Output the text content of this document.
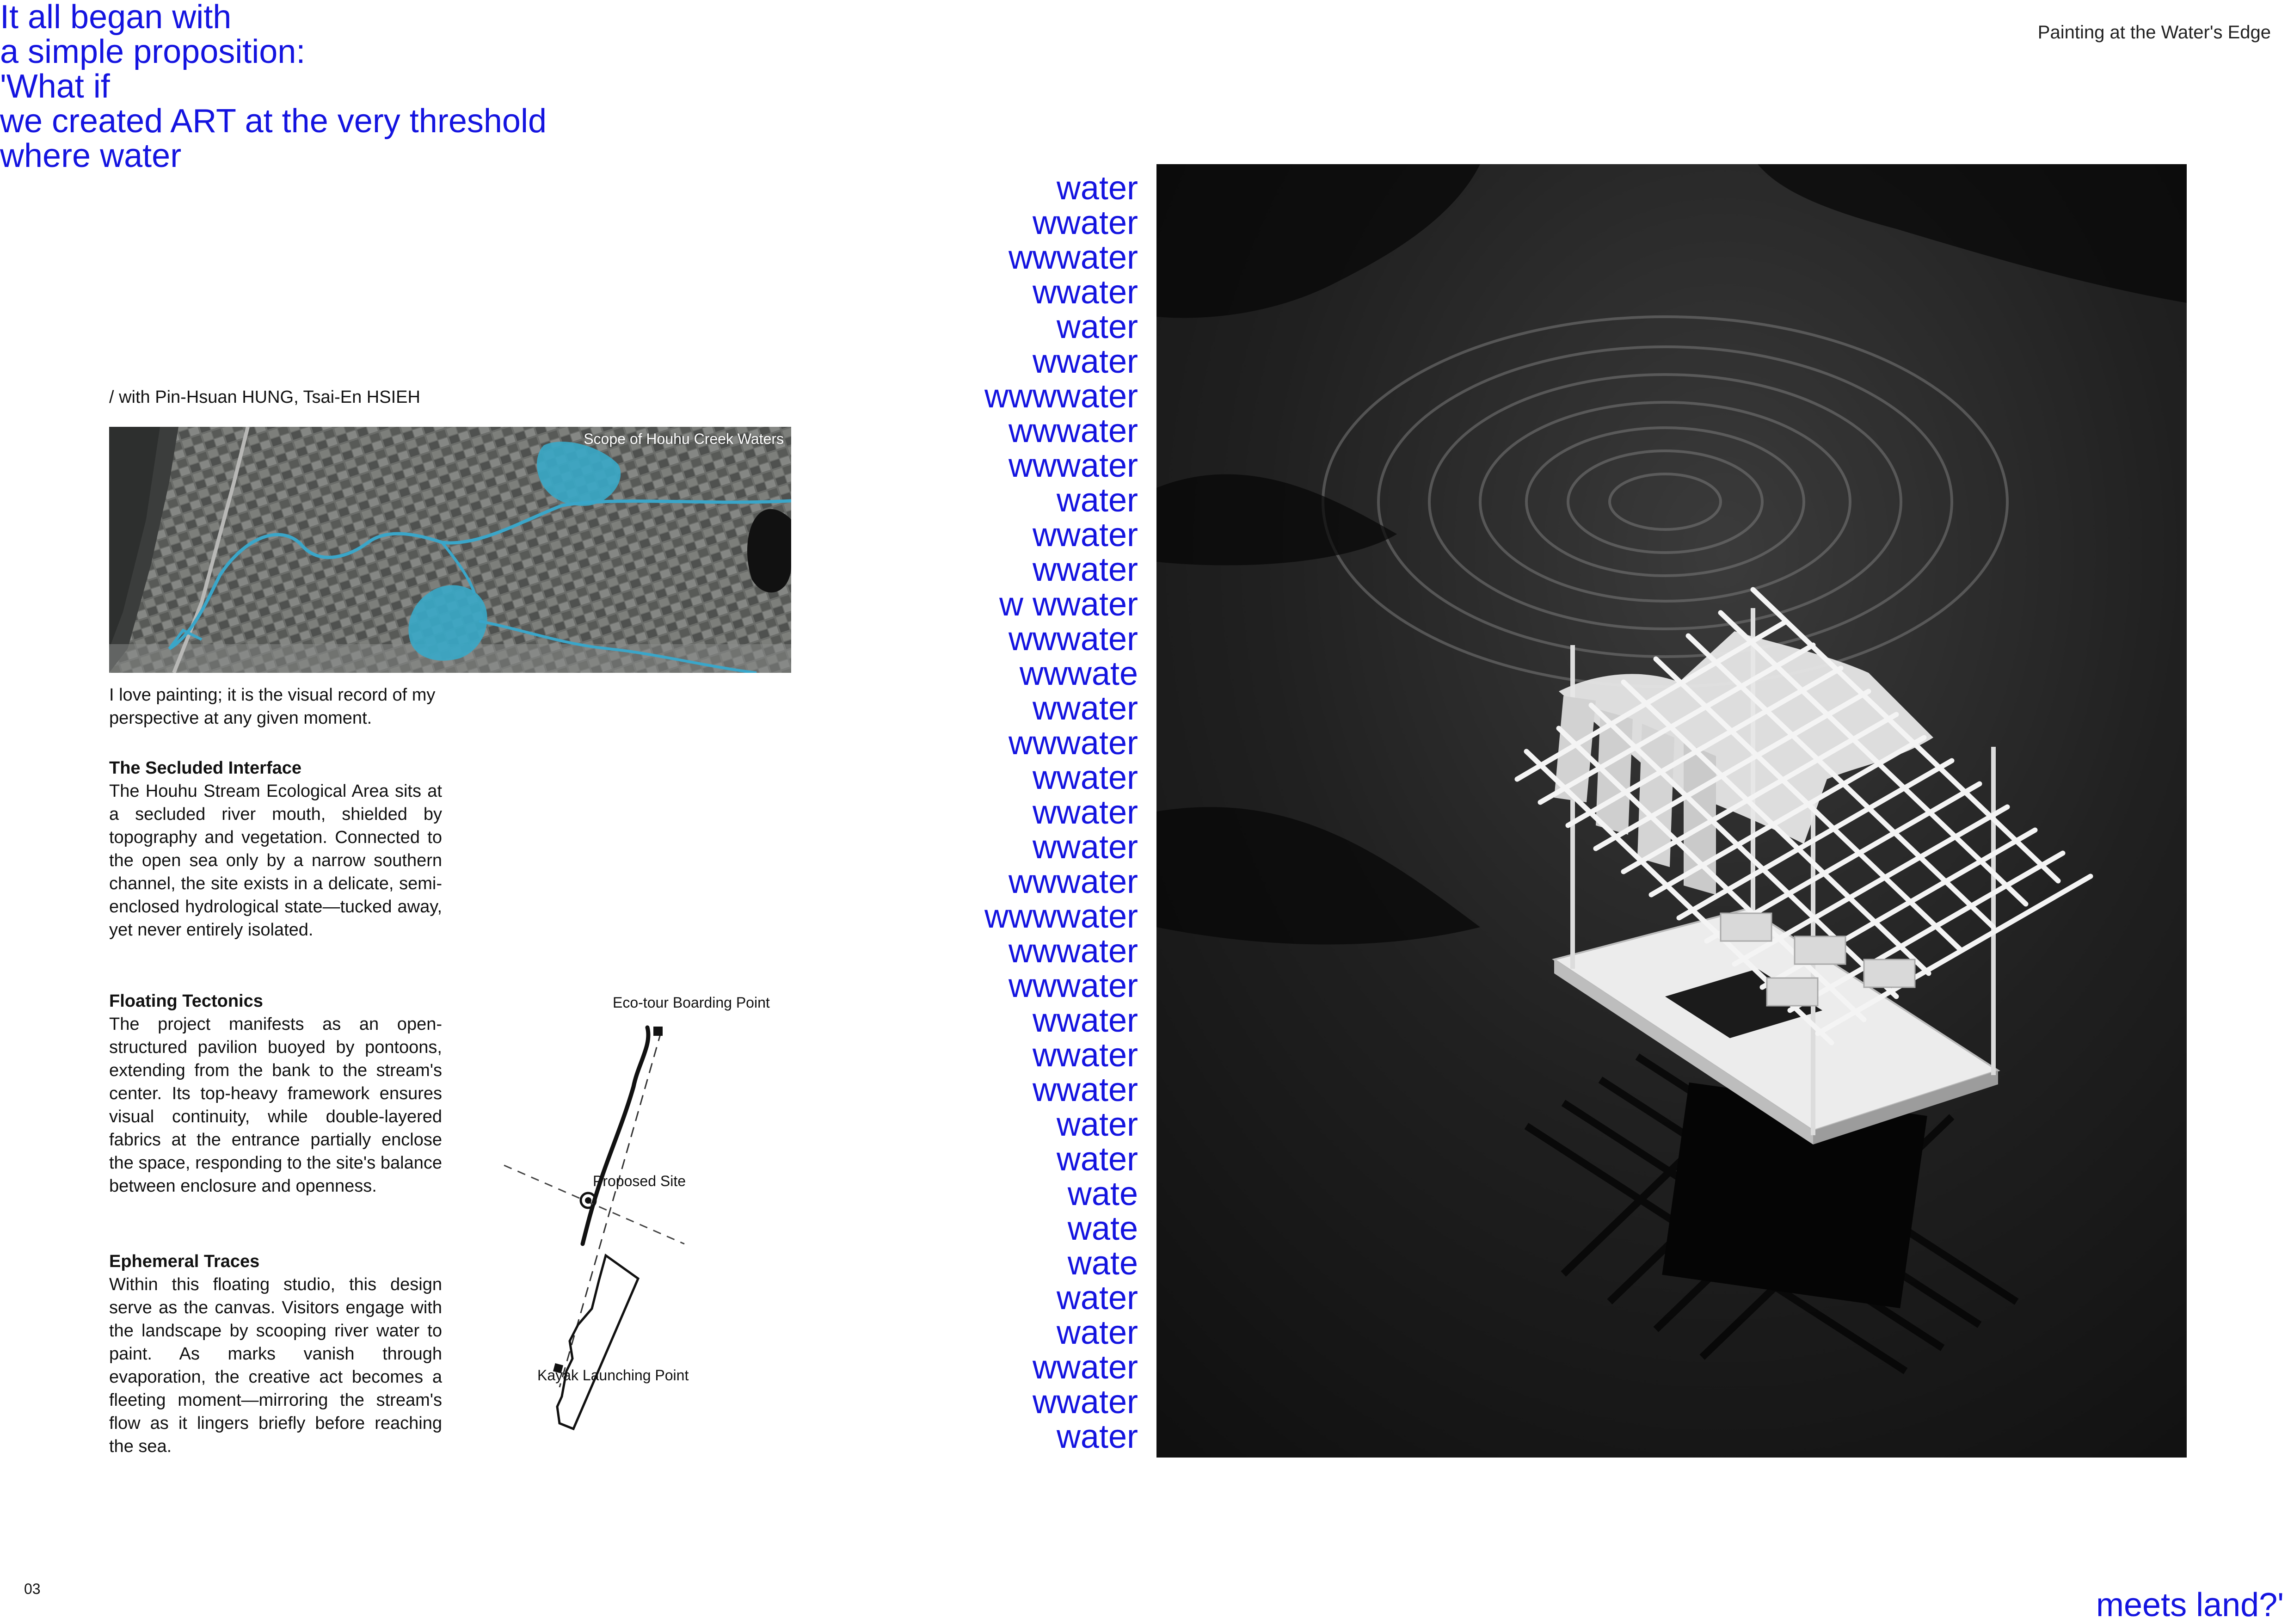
It all began with
a simple proposition:
'What if
we created ART at the very threshold
where water
Painting at the Water's Edge
/ with Pin-Hsuan HUNG, Tsai-En HSIEH
Scope of Houhu Creek Waters
I love painting; it is the visual record of my perspective at any given moment.
The Secluded Interface

The Houhu Stream Ecological Area sits at a secluded river mouth, shielded by topography and vegetation. Connected to the open sea only by a narrow southern channel, the site exists in a delicate, semi-enclosed hydrological state—tucked away, yet never entirely isolated.

Floating Tectonics

The project manifests as an open-structured pavilion buoyed by pontoons, extending from the bank to the stream's center. Its top-heavy framework ensures visual continuity, while double-layered fabrics at the entrance partially enclose the space, responding to the site's balance between enclosure and openness.

Ephemeral Traces

Within this floating studio, this design serve as the canvas. Visitors engage with the landscape by scooping river water to paint. As marks vanish through evaporation, the creative act becomes a fleeting moment—mirroring the stream's flow as it lingers briefly before reaching the sea.

Eco-tour Boarding Point
Proposed Site
Kayak Launching Point
water
wwater
wwwater
wwater
water
wwater
wwwwater
wwwater
wwwater
water
wwater
wwater
w wwater
wwwater
wwwate
wwater
wwwater
wwater
wwater
wwater
wwwater
wwwwater
wwwater
wwwater
wwater
wwater
wwater
water
water
wate
wate
wate
water
water
wwater
wwater
water
03	meets land?'
